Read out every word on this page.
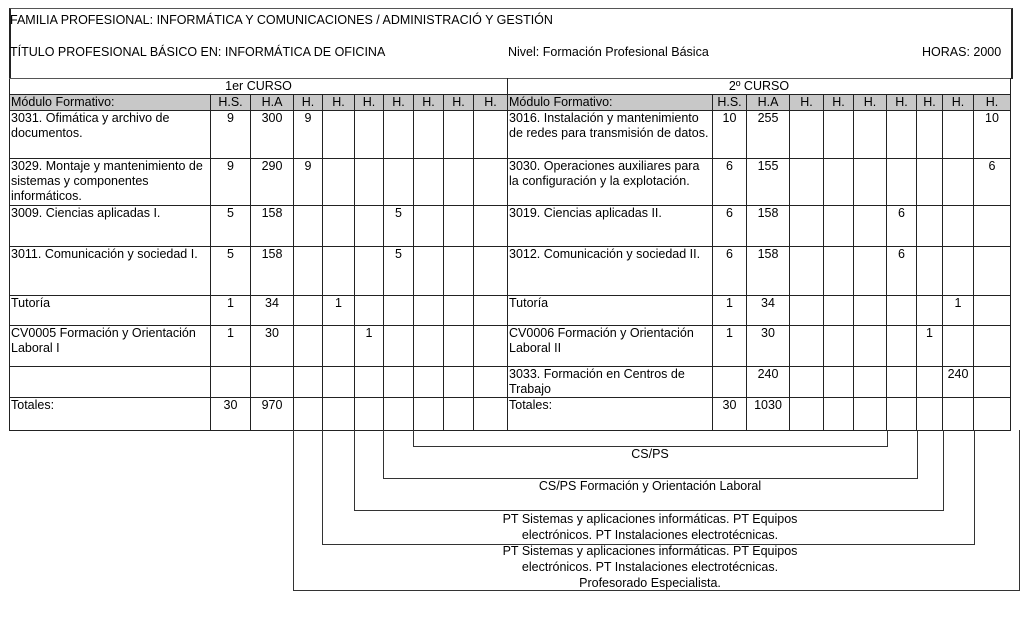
FAMILIA PROFESIONAL: INFORMÁTICA Y COMUNICACIONES / ADMINISTRACIÓ Y GESTIÓN
TÍTULO PROFESIONAL BÁSICO EN: INFORMÁTICA DE OFICINA	Nivel: Formación Profesional Básica	HORAS: 2000
1er CURSO										2º CURSO									
Módulo Formativo:	H.S.	H.A	H.	H.	H.	H.	H.	H.	H.	Módulo Formativo:	H.S.	H.A	H.	H.	H.	H.	H.	H.	H.
3031. Ofimática y archivo de documentos.	9	300	9							3016. Instalación y mantenimiento de redes para transmisión de datos.	10	255							10
3029. Montaje y mantenimiento de sistemas y componentes informáticos.	9	290	9							3030. Operaciones auxiliares para la configuración y la explotación.	6	155							6
3009. Ciencias aplicadas I.	5	158				5				3019. Ciencias aplicadas II.	6	158				6			
3011. Comunicación y sociedad I.	5	158				5				3012. Comunicación y sociedad II.	6	158				6			
Tutoría	1	34		1						Tutoría	1	34						1	
CV0005 Formación y Orientación Laboral I	1	30			1					CV0006 Formación y Orientación Laboral II	1	30					1		
										3033. Formación en Centros de Trabajo		240						240	
Totales:	30	970								Totales:	30	1030							
CS/PS
CS/PS Formación y Orientación Laboral
PT Sistemas y aplicaciones informáticas. PT Equipos
electrónicos. PT Instalaciones electrotécnicas.
PT Sistemas y aplicaciones informáticas. PT Equipos
electrónicos. PT Instalaciones electrotécnicas.
Profesorado Especialista.
